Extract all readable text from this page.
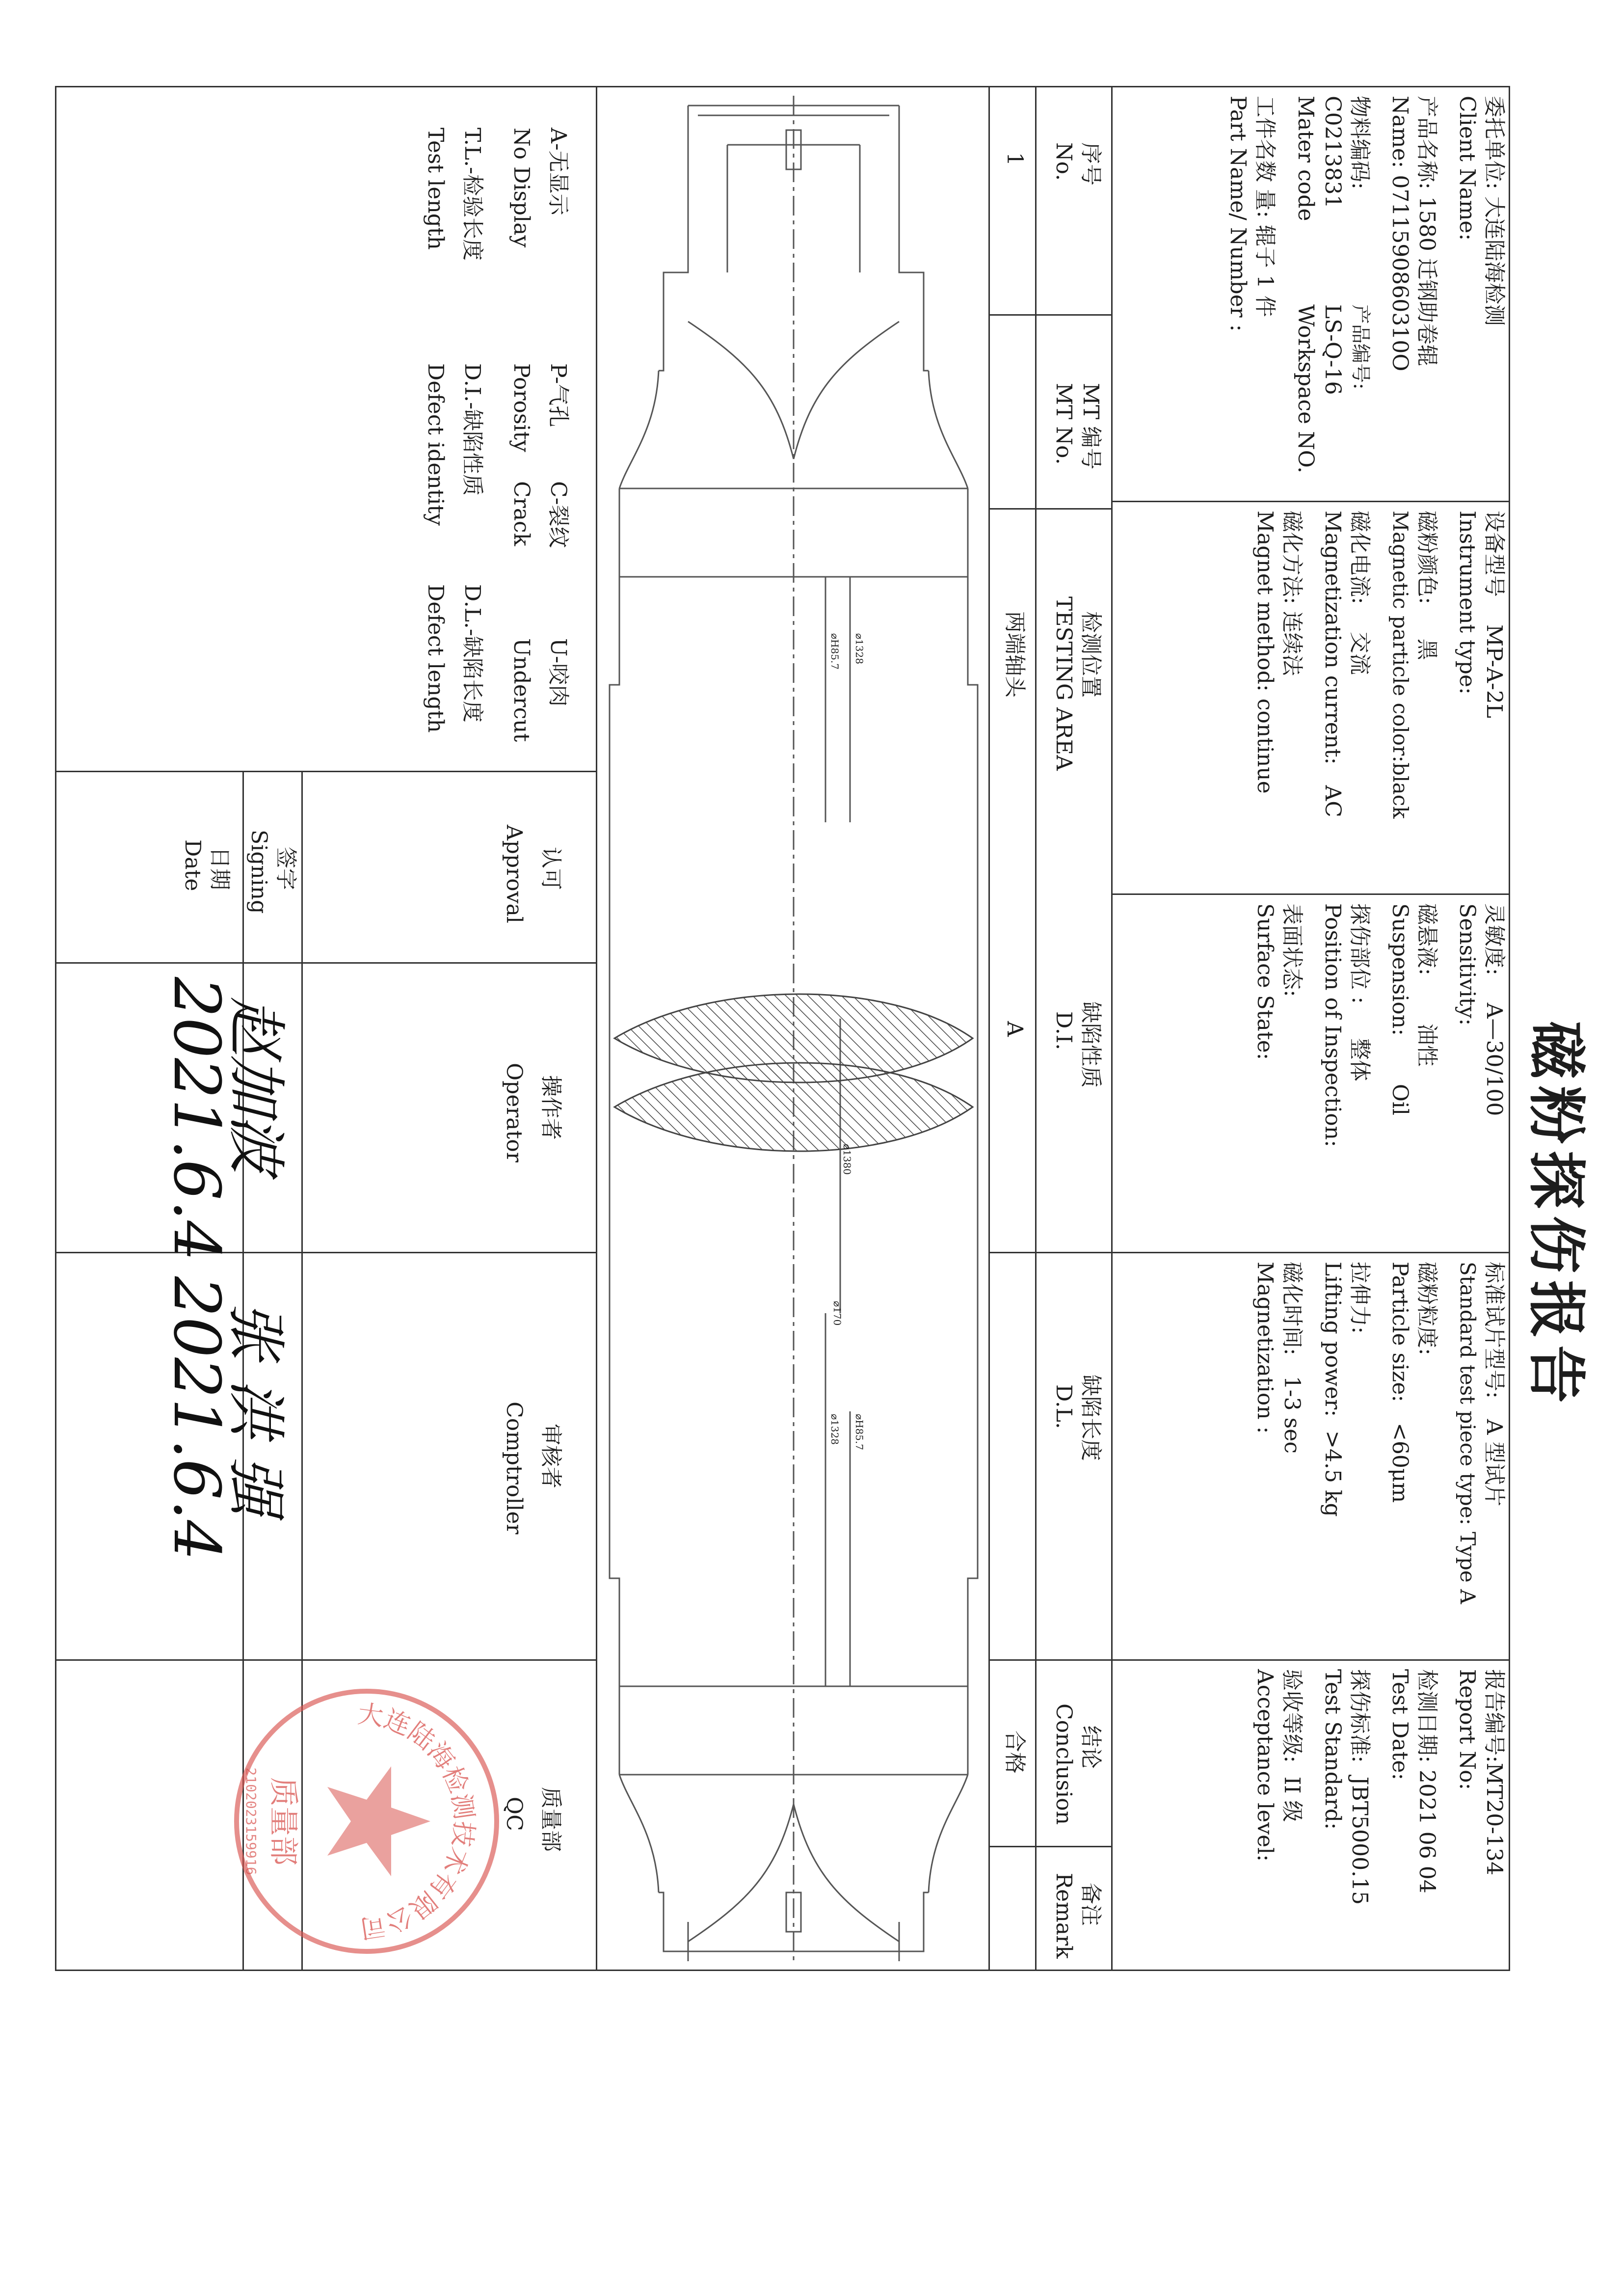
磁粉探伤报告
委托单位: 大连陆海检测
Client Name:
产品名称: 1580 迁钢助卷辊
Name: 0711590860310O
物料编码:
产品编号:
C0213831
LS-Q-16
Mater code
Workspace NO.
工件名数 量: 辊子 1 件
Part Name/ Number :
设备型号    MP-A-2L
Instrument type:
磁粉颜色:     黑
Magnetic particle color:black
磁化电流:    交流
Magnetization current:   AC
磁化方法: 连续法
Magnet method: continue
灵敏度:    A—30/100
Sensitivity:
磁悬液:       油性
Suspension:       Oil
探伤部位 :     整体
Position of Inspection:
表面状态:
Surface State:
标准试片型号:   A 型试片
Standard test piece type: Type A
磁粉粒度:
Particle size:   <60μm
拉伸力:
Lifting power:  >4.5 kg
磁化时间:   1-3 sec
Magnetization :
报告编号:MT20-134
Report No:
检测日期: 2021 06 04
Test Date:
探伤标准:  JBT5000.15
Test Standard:
验收等级:  II 级
Acceptance level:
序号
No.
MT 编号
MT No.
检测位置
TESTING AREA
缺陷性质
D.I.
缺陷长度
D.L.
结论
Conclusion
备注
Remark
1
两端轴头
A
合格
⌀1328
⌀H85.7
⌀1380
⌀H85.7
⌀1328
⌀170
A-无显示
No Display
P-气孔
Porosity
C-裂纹
Crack
U-咬肉
Undercut
T.L.-检验长度
Test length
D.I.-缺陷性质
Defect identity
D.L.-缺陷长度
Defect length
认可
Approval
签字
Signing
日期
Date
操作者
Operator
审核者
Comptroller
质量部
QC
赵加波
2021.6.4
张 洪 强
2021.6.4
大连陆海检测技术有限公司
质量部
2102023159916
